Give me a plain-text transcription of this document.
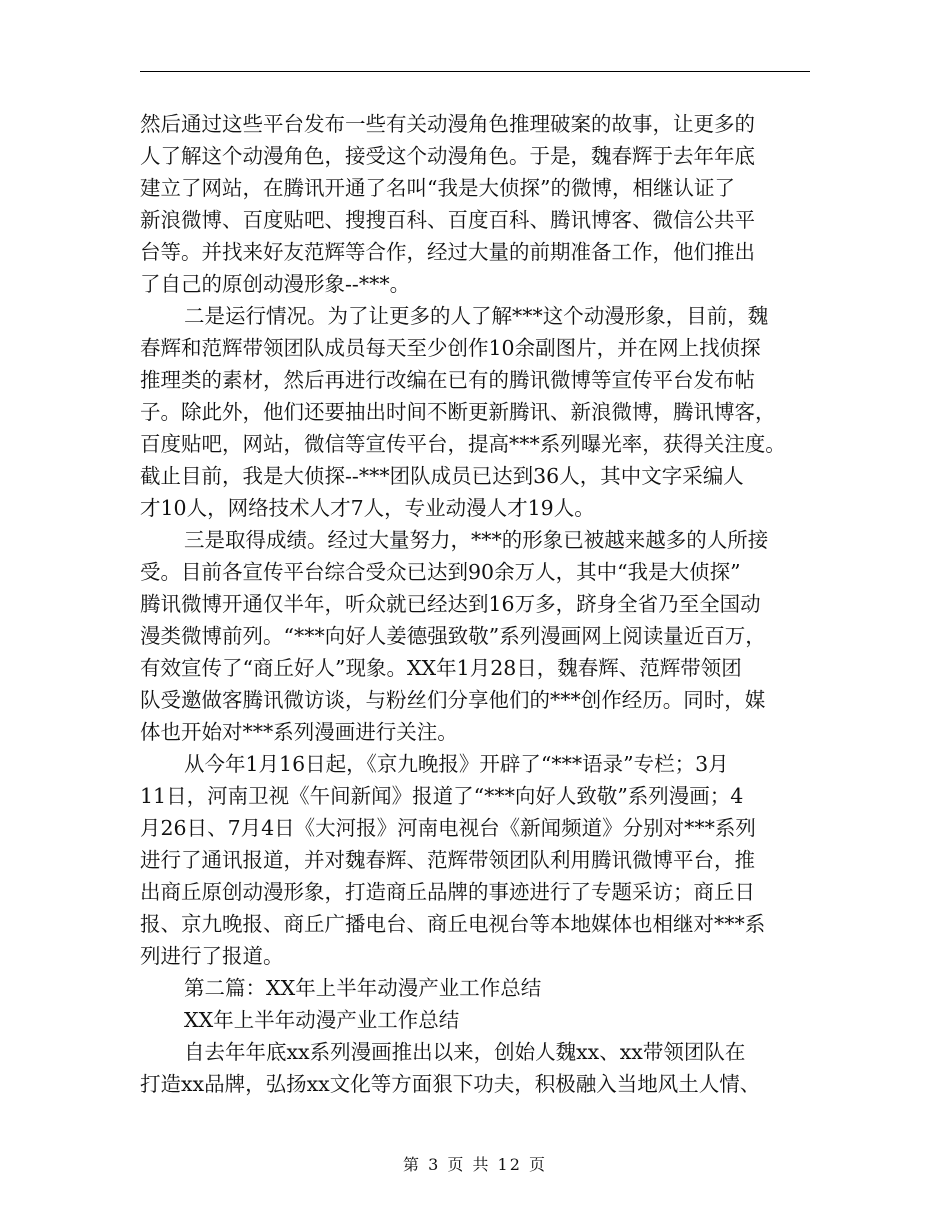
然后通过这些平台发布一些有关动漫角色推理破案的故事，让更多的
人了解这个动漫角色，接受这个动漫角色。于是，魏春辉于去年年底
建立了网站，在腾讯开通了名叫“我是大侦探”的微博，相继认证了
新浪微博、百度贴吧、搜搜百科、百度百科、腾讯博客、微信公共平
台等。并找来好友范辉等合作，经过大量的前期准备工作，他们推出
了自己的原创动漫形象--***。
二是运行情况。为了让更多的人了解***这个动漫形象，目前，魏
春辉和范辉带领团队成员每天至少创作10余副图片，并在网上找侦探
推理类的素材，然后再进行改编在已有的腾讯微博等宣传平台发布帖
子。除此外，他们还要抽出时间不断更新腾讯、新浪微博，腾讯博客，
百度贴吧，网站，微信等宣传平台，提高***系列曝光率，获得关注度。
截止目前，我是大侦探--***团队成员已达到36人，其中文字采编人
才10人，网络技术人才7人，专业动漫人才19人。
三是取得成绩。经过大量努力，***的形象已被越来越多的人所接
受。目前各宣传平台综合受众已达到90余万人，其中“我是大侦探”
腾讯微博开通仅半年，听众就已经达到16万多，跻身全省乃至全国动
漫类微博前列。“***向好人姜德强致敬”系列漫画网上阅读量近百万，
有效宣传了“商丘好人”现象。XX年1月28日，魏春辉、范辉带领团
队受邀做客腾讯微访谈，与粉丝们分享他们的***创作经历。同时，媒
体也开始对***系列漫画进行关注。
从今年1月16日起，《京九晚报》开辟了“***语录”专栏；3月
11日，河南卫视《午间新闻》报道了“***向好人致敬”系列漫画；4
月26日、7月4日《大河报》河南电视台《新闻频道》分别对***系列
进行了通讯报道，并对魏春辉、范辉带领团队利用腾讯微博平台，推
出商丘原创动漫形象，打造商丘品牌的事迹进行了专题采访；商丘日
报、京九晚报、商丘广播电台、商丘电视台等本地媒体也相继对***系
列进行了报道。
第二篇：XX年上半年动漫产业工作总结
XX年上半年动漫产业工作总结
自去年年底xx系列漫画推出以来，创始人魏xx、xx带领团队在
打造xx品牌，弘扬xx文化等方面狠下功夫，积极融入当地风土人情、
第 3 页 共 12 页
